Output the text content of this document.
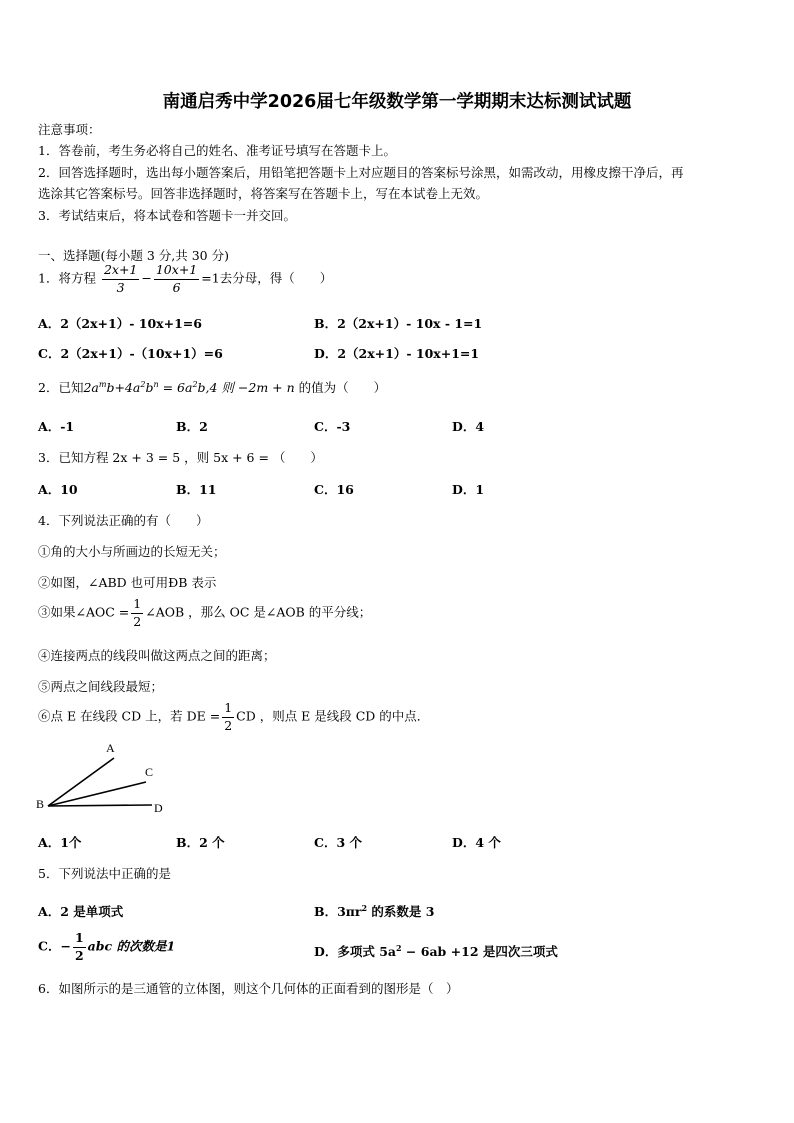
南通启秀中学2026届七年级数学第一学期期末达标测试试题
注意事项：
1．答卷前，考生务必将自己的姓名、准考证号填写在答题卡上。
2．回答选择题时，选出每小题答案后，用铅笔把答题卡上对应题目的答案标号涂黑，如需改动，用橡皮擦干净后，再
选涂其它答案标号。回答非选择题时，将答案写在答题卡上，写在本试卷上无效。
3．考试结束后，将本试卷和答题卡一并交回。
一、选择题(每小题 3 分,共 30 分)
1．将方程 $\frac{2x+1}{3} - \frac{10x+1}{6} =1$去分母，得（　　）
A．2（2x+1）- 10x+1=6	B．2（2x+1）- 10x - 1=1
C．2（2x+1）-（10x+1）=6	D．2（2x+1）- 10x+1=1
2．已知$2a^mb+4a^2b^n = 6a^2b,4$ 则 −2m + n 的值为（　　）
A．-1	B．2	C．-3	D．4
3．已知方程 2x + 3 = 5 ，则 5x + 6 = （　　）
A．10	B．11	C．16	D．1
4．下列说法正确的有（　　）
①角的大小与所画边的长短无关；
②如图，∠ABD 也可用ÐB 表示
③如果∠AOC = $\frac{1}{2}$ ∠AOB ，那么 OC 是∠AOB 的平分线；
④连接两点的线段叫做这两点之间的距离；
⑤两点之间线段最短；
⑥点 E 在线段 CD 上，若 DE = $\frac{1}{2}$ CD ，则点 E 是线段 CD 的中点．
A
C
B	D
A．1个	B．2 个	C．3 个	D．4 个
5．下列说法中正确的是
A．2 是单项式	B．$3\pi r^2$ 的系数是 3
C．− $\frac{1}{2}$ abc 的次数是1	D．多项式 $5a^2 - 6ab +12$ 是四次三项式
6．如图所示的是三通管的立体图，则这个几何体的正面看到的图形是（　）
